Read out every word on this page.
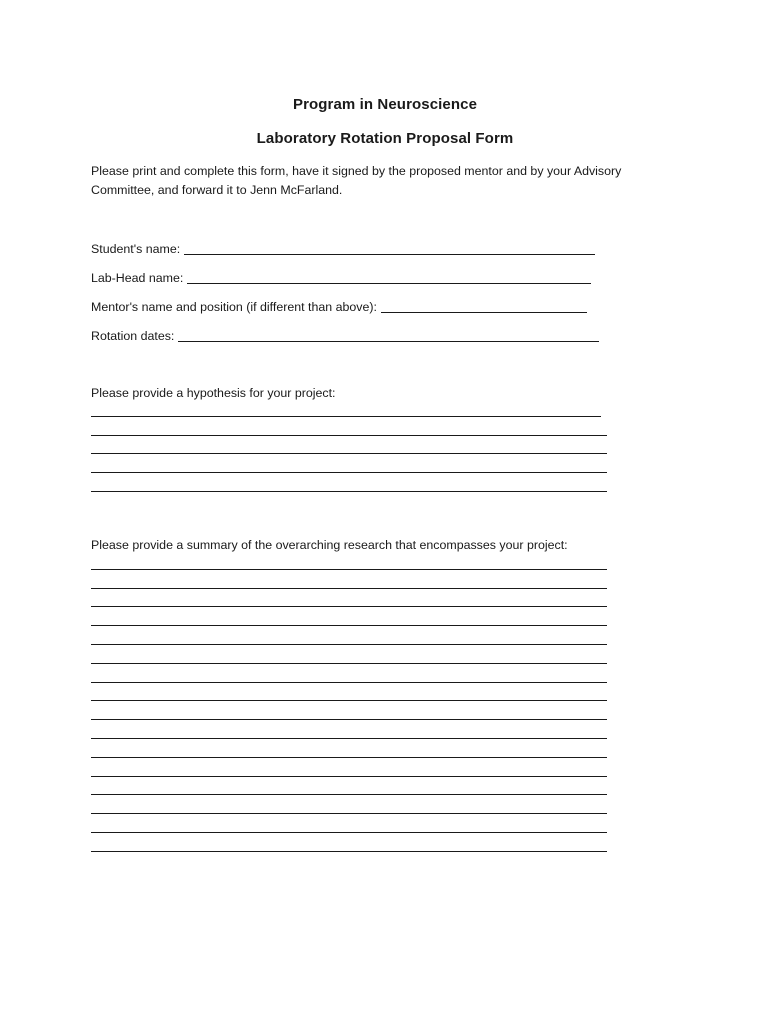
Program in Neuroscience
Laboratory Rotation Proposal Form
Please print and complete this form, have it signed by the proposed mentor and by your Advisory Committee, and forward it to Jenn McFarland.
Student's name:
Lab-Head name:
Mentor's name and position (if different than above):
Rotation dates:
Please provide a hypothesis for your project:
Please provide a summary of the overarching research that encompasses your project:
